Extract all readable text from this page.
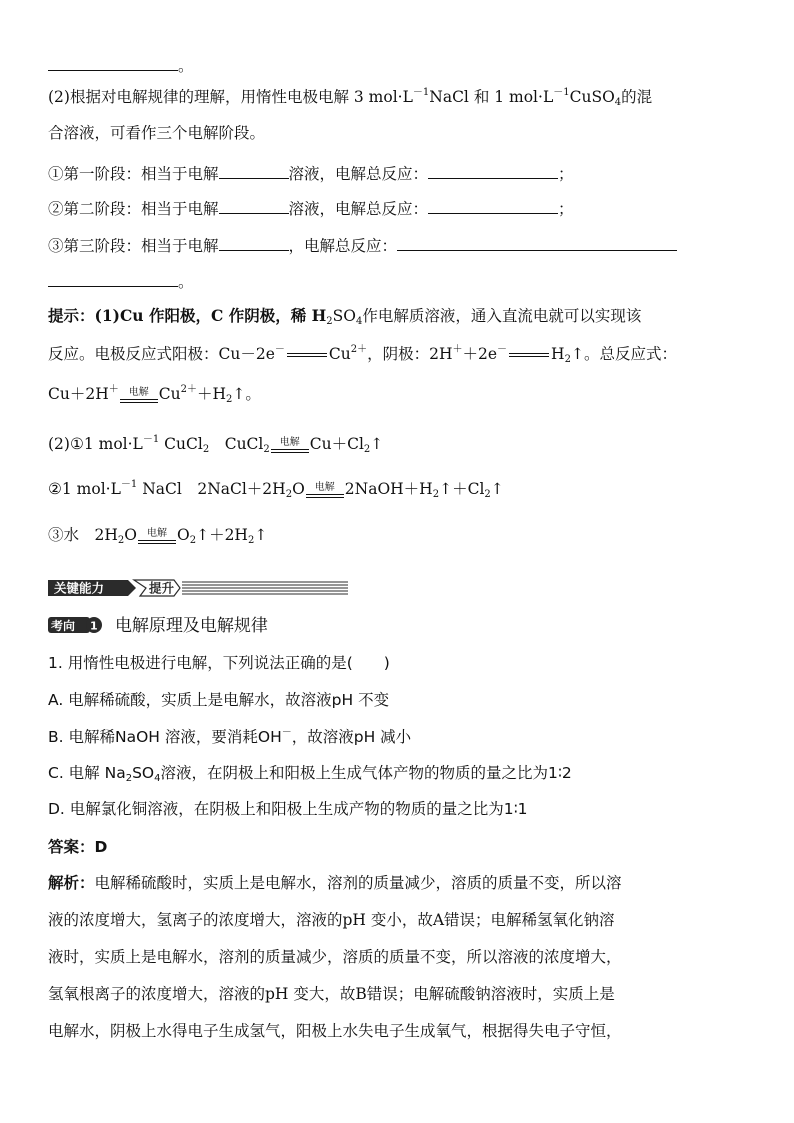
。
(2)根据对电解规律的理解，用惰性电极电解 3 $mol\cdot L^{-1}NaCl$ 和 1 $mol\cdot L^{-1}CuSO_4$的混
合溶液，可看作三个电解阶段。
①第一阶段：相当于电解	溶液，电解总反应：	；
②第二阶段：相当于电解	溶液，电解总反应：	；
③第三阶段：相当于电解	，电解总反应：
。
提示：(1)Cu 作阳极，C 作阴极，稀 $H_2SO_4$作电解质溶液，通入直流电就可以实现该
反应。电极反应式阳极：Cu－2e－	$Cu^{2+}$，阴极：2H＋＋2e－	$H_2↑$。总反应式：
Cu＋2H＋ 电解 $Cu^{2+}+H_2↑$。
(2)①1 $mol\cdot L^{-1}$ CuCl$_2$　CuCl$_2$
电解 $Cu+Cl_2↑$
②1 $mol\cdot L^{-1}$ NaCl　$2NaCl+2H_2O$ 电解 $2NaOH+H_2↑+Cl_2↑$
③水　$2H_2O$ 电解 $O_2↑+2H_2↑$
关键能力	提升
考向 1 电解原理及电解规律
1. 用惰性电极进行电解，下列说法正确的是(　　)
A. 电解稀硫酸，实质上是电解水，故溶液pH 不变
B. 电解稀NaOH 溶液，要消耗OH－，故溶液pH 减小
C. 电解 $Na_2SO_4$溶液，在阴极上和阳极上生成气体产物的物质的量之比为1∶2
D. 电解氯化铜溶液，在阴极上和阳极上生成产物的物质的量之比为1∶1
答案：D
解析：电解稀硫酸时，实质上是电解水，溶剂的质量减少，溶质的质量不变，所以溶
液的浓度增大，氢离子的浓度增大，溶液的pH 变小，故A错误；电解稀氢氧化钠溶
液时，实质上是电解水，溶剂的质量减少，溶质的质量不变，所以溶液的浓度增大，
氢氧根离子的浓度增大，溶液的pH 变大，故B错误；电解硫酸钠溶液时，实质上是
电解水，阴极上水得电子生成氢气，阳极上水失电子生成氧气，根据得失电子守恒，
